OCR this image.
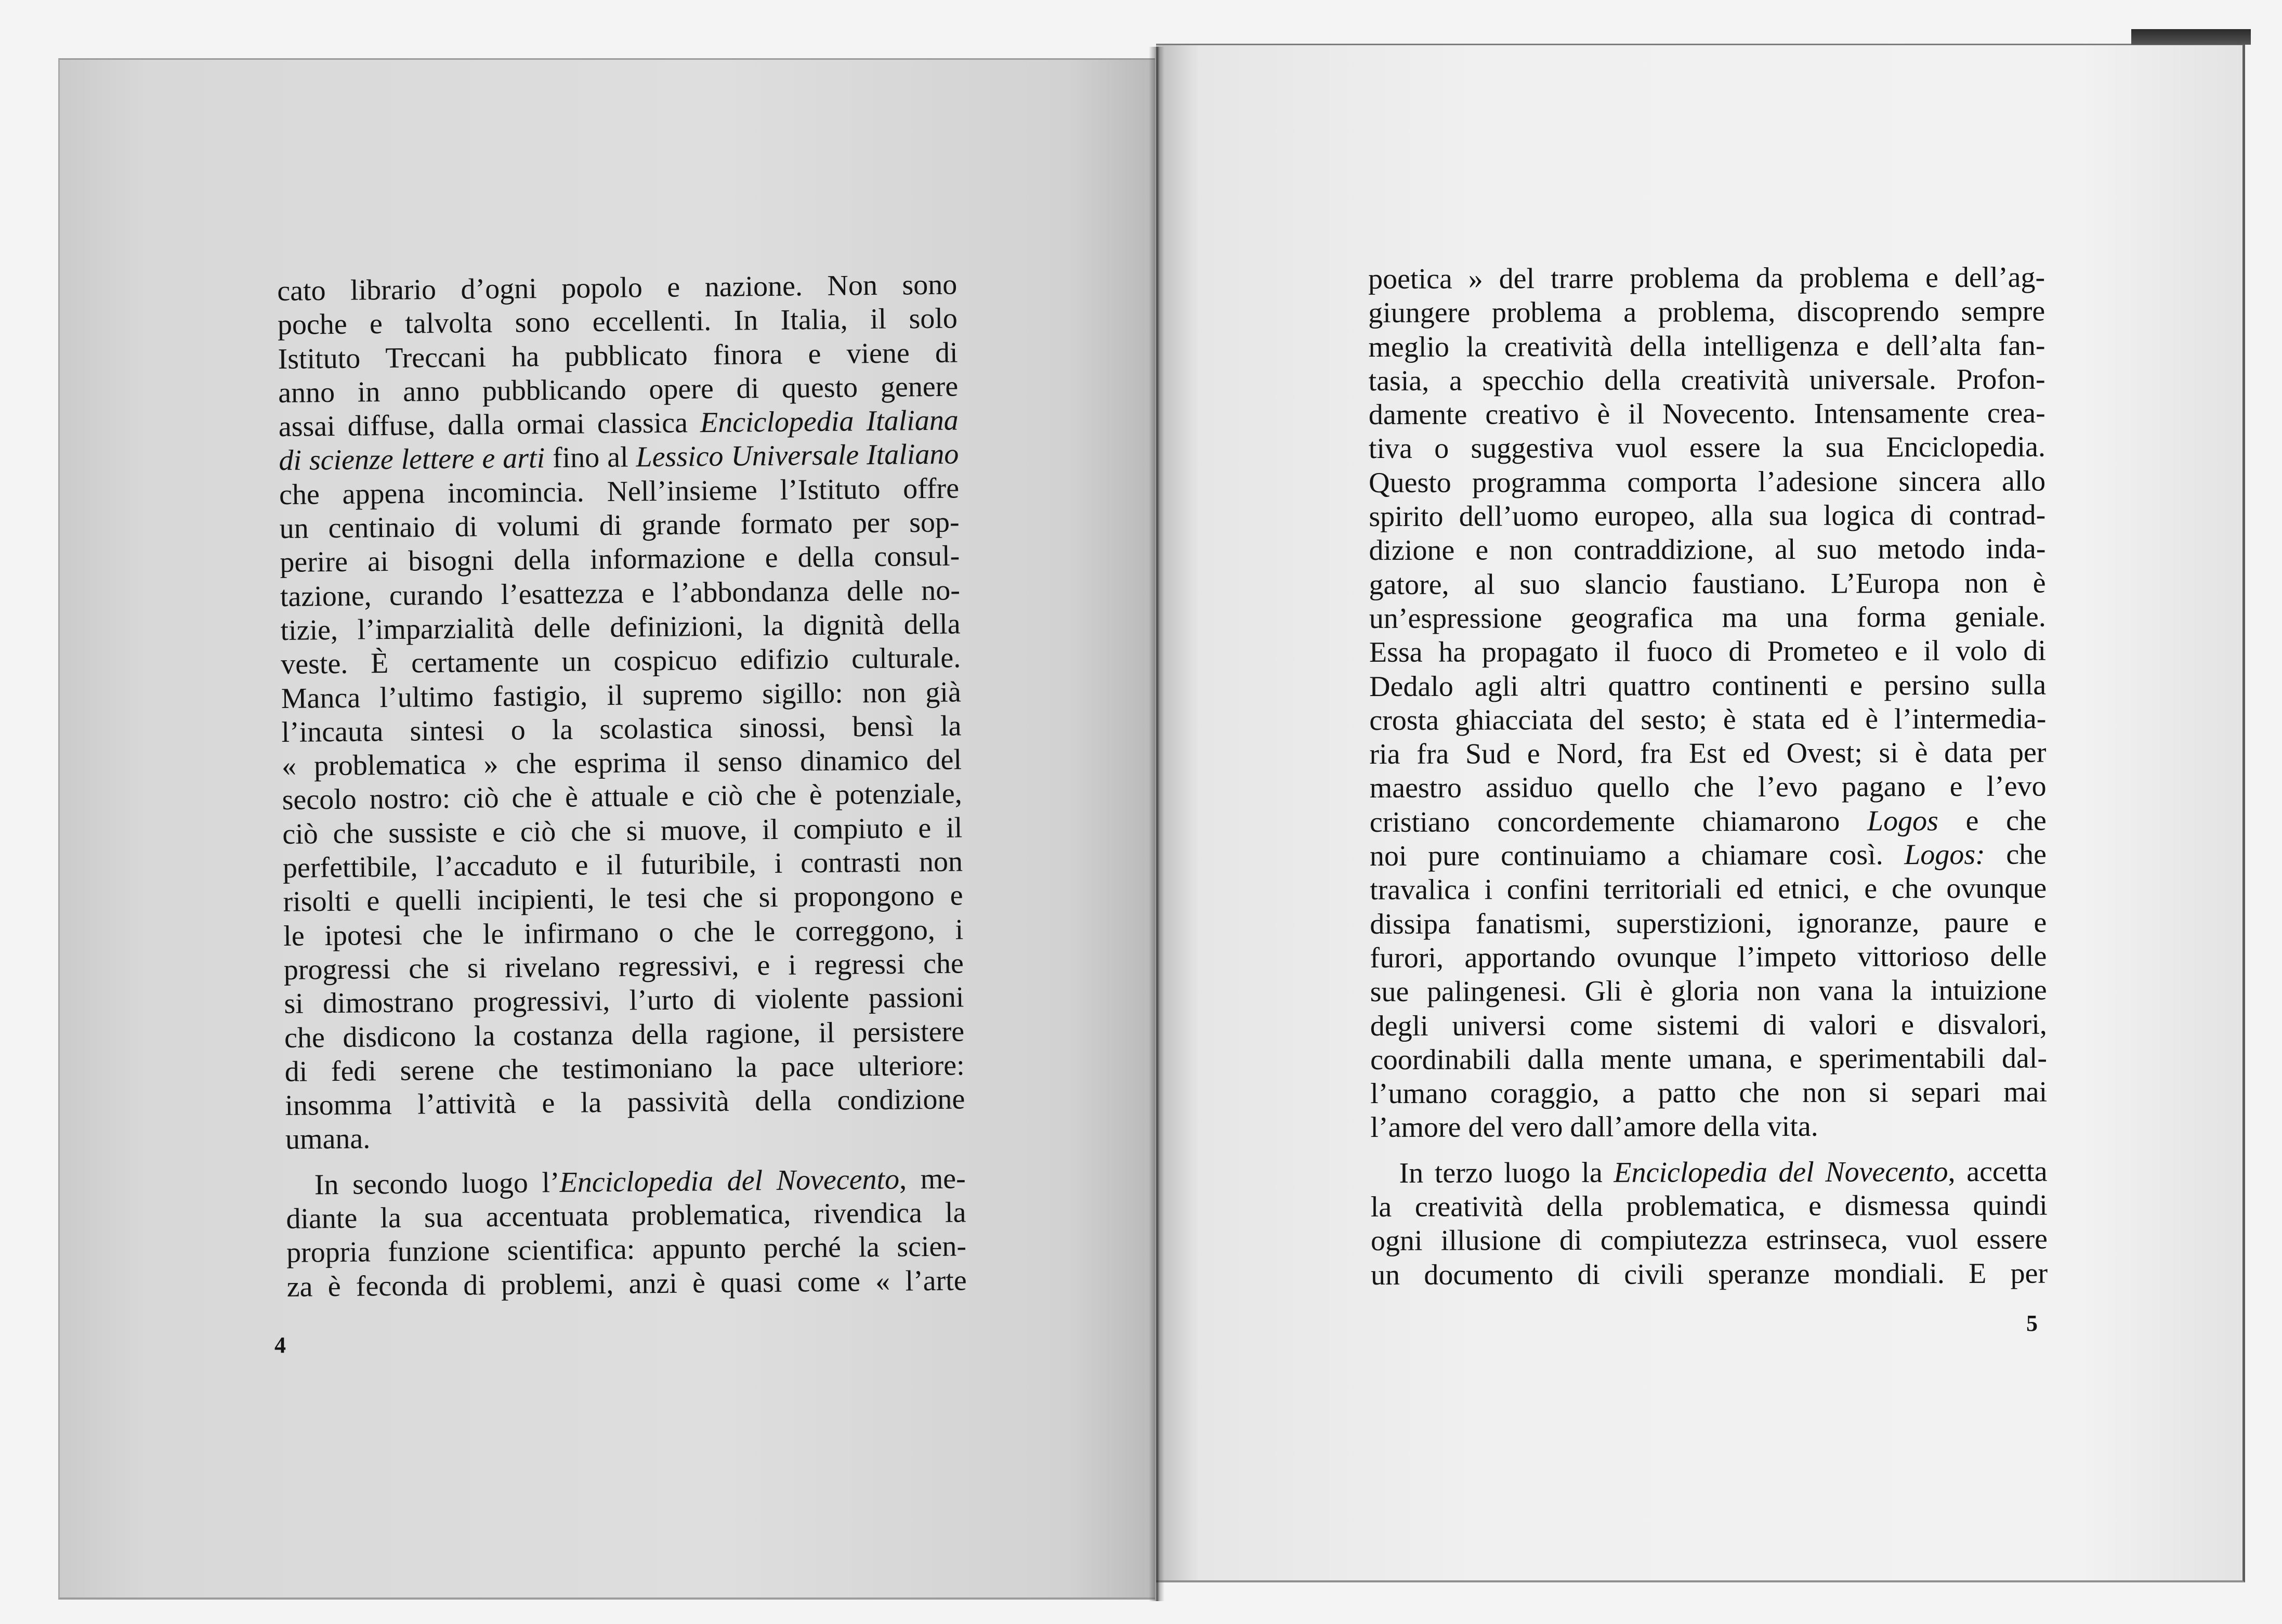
cato librario d’ogni popolo e nazione. Non sono
poche e talvolta sono eccellenti. In Italia, il solo
Istituto Treccani ha pubblicato finora e viene di
anno in anno pubblicando opere di questo genere
assai diffuse, dalla ormai classica Enciclopedia Italiana
di scienze lettere e arti fino al Lessico Universale Italiano
che appena incomincia. Nell’insieme l’Istituto offre
un centinaio di volumi di grande formato per sop-
perire ai bisogni della informazione e della consul-
tazione, curando l’esattezza e l’abbondanza delle no-
tizie, l’imparzialità delle definizioni, la dignità della
veste. È certamente un cospicuo edifizio culturale.
Manca l’ultimo fastigio, il supremo sigillo: non già
l’incauta sintesi o la scolastica sinossi, bensì la
« problematica » che esprima il senso dinamico del
secolo nostro: ciò che è attuale e ciò che è potenziale,
ciò che sussiste e ciò che si muove, il compiuto e il
perfettibile, l’accaduto e il futuribile, i contrasti non
risolti e quelli incipienti, le tesi che si propongono e
le ipotesi che le infirmano o che le correggono, i
progressi che si rivelano regressivi, e i regressi che
si dimostrano progressivi, l’urto di violente passioni
che disdicono la costanza della ragione, il persistere
di fedi serene che testimoniano la pace ulteriore:
insomma l’attività e la passività della condizione
umana.
In secondo luogo l’Enciclopedia del Novecento, me-
diante la sua accentuata problematica, rivendica la
propria funzione scientifica: appunto perché la scien-
za è feconda di problemi, anzi è quasi come « l’arte
4
poetica » del trarre problema da problema e dell’ag-
giungere problema a problema, discoprendo sempre
meglio la creatività della intelligenza e dell’alta fan-
tasia, a specchio della creatività universale. Profon-
damente creativo è il Novecento. Intensamente crea-
tiva o suggestiva vuol essere la sua Enciclopedia.
Questo programma comporta l’adesione sincera allo
spirito dell’uomo europeo, alla sua logica di contrad-
dizione e non contraddizione, al suo metodo inda-
gatore, al suo slancio faustiano. L’Europa non è
un’espressione geografica ma una forma geniale.
Essa ha propagato il fuoco di Prometeo e il volo di
Dedalo agli altri quattro continenti e persino sulla
crosta ghiacciata del sesto; è stata ed è l’intermedia-
ria fra Sud e Nord, fra Est ed Ovest; si è data per
maestro assiduo quello che l’evo pagano e l’evo
cristiano concordemente chiamarono Logos e che
noi pure continuiamo a chiamare così. Logos: che
travalica i confini territoriali ed etnici, e che ovunque
dissipa fanatismi, superstizioni, ignoranze, paure e
furori, apportando ovunque l’impeto vittorioso delle
sue palingenesi. Gli è gloria non vana la intuizione
degli universi come sistemi di valori e disvalori,
coordinabili dalla mente umana, e sperimentabili dal-
l’umano coraggio, a patto che non si separi mai
l’amore del vero dall’amore della vita.
In terzo luogo la Enciclopedia del Novecento, accetta
la creatività della problematica, e dismessa quindi
ogni illusione di compiutezza estrinseca, vuol essere
un documento di civili speranze mondiali. E per
5
